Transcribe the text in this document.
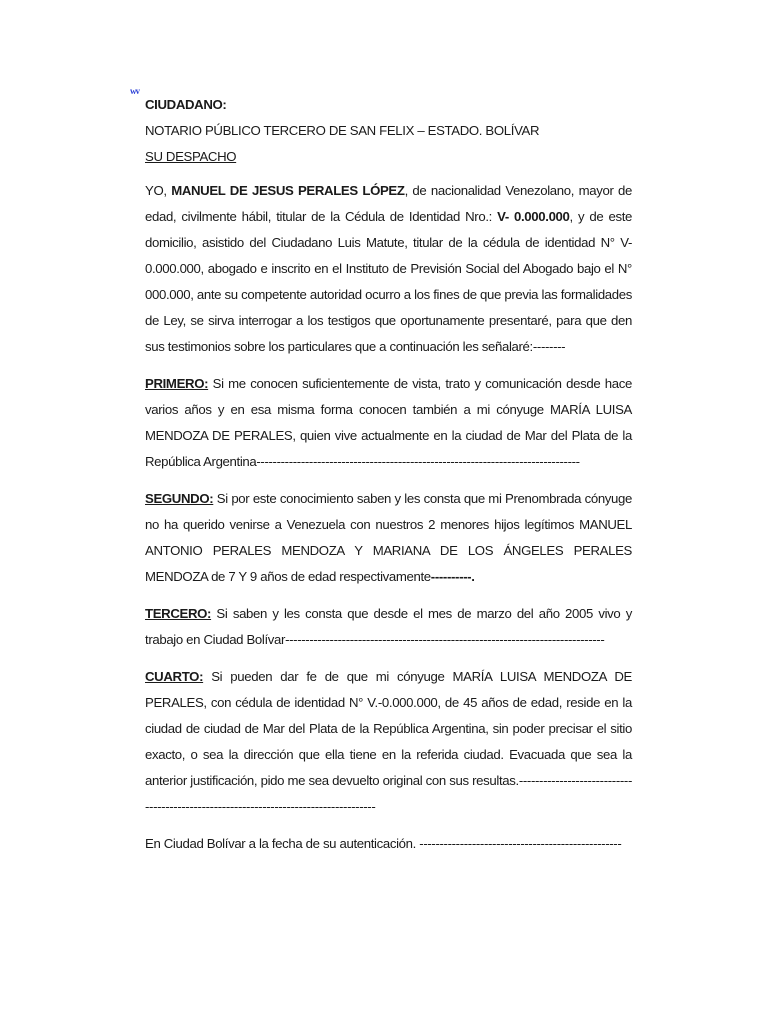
wv
CIUDADANO:
NOTARIO PÚBLICO TERCERO DE SAN FELIX – ESTADO. BOLÍVAR
SU DESPACHO

YO, MANUEL DE JESUS PERALES LÓPEZ, de nacionalidad Venezolano, mayor de edad, civilmente hábil, titular de la Cédula de Identidad Nro.: V- 0.000.000, y de este domicilio, asistido del Ciudadano Luis Matute, titular de la cédula de identidad N° V-0.000.000, abogado e inscrito en el Instituto de Previsión Social del Abogado bajo el N° 000.000, ante su competente autoridad ocurro a los fines de que previa las formalidades de Ley, se sirva interrogar a los testigos que oportunamente presentaré, para que den sus testimonios sobre los particulares que a continuación les señalaré:--------

PRIMERO: Si me conocen suficientemente de vista, trato y comunicación desde hace varios años y en esa misma forma conocen también a mi cónyuge MARÍA LUISA MENDOZA DE PERALES, quien vive actualmente en la ciudad de Mar del Plata de la República Argentina--------------------------------------------------------------------------------

SEGUNDO: Si por este conocimiento saben y les consta que mi Prenombrada cónyuge no ha querido venirse a Venezuela con nuestros 2 menores hijos legítimos MANUEL ANTONIO PERALES MENDOZA Y MARIANA DE LOS ÁNGELES PERALES MENDOZA de 7 Y 9 años de edad respectivamente----------.

TERCERO: Si saben y les consta que desde el mes de marzo del año 2005 vivo y trabajo en Ciudad Bolívar-------------------------------------------------------------------------------

CUARTO: Si pueden dar fe de que mi cónyuge MARÍA LUISA MENDOZA DE PERALES, con cédula de identidad N° V.-0.000.000, de 45 años de edad, reside en la ciudad de ciudad de Mar del Plata de la República Argentina, sin poder precisar el sitio exacto, o sea la dirección que ella tiene en la referida ciudad. Evacuada que sea la anterior justificación, pido me sea devuelto original con sus resultas.-------------------------------------------------------------------------------------

En Ciudad Bolívar a la fecha de su autenticación. --------------------------------------------------
